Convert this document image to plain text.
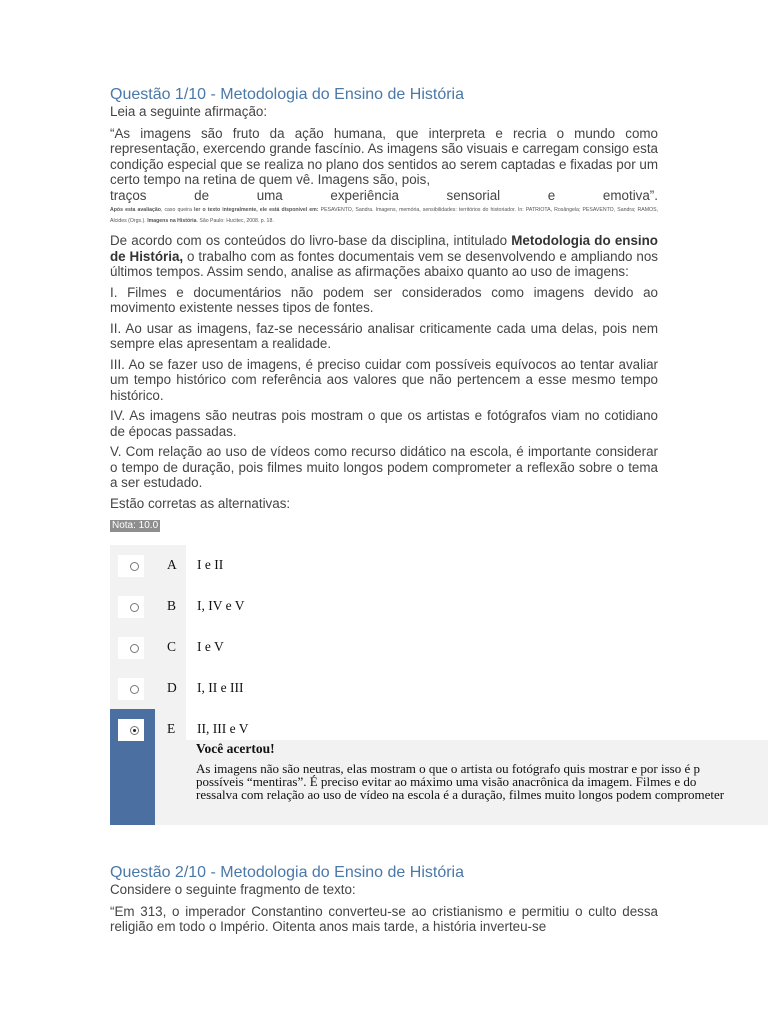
Questão 1/10 - Metodologia do Ensino de História

Leia a seguinte afirmação:

“As imagens são fruto da ação humana, que interpreta e recria o mundo como representação, exercendo grande fascínio. As imagens são visuais e carregam consigo esta condição especial que se realiza no plano dos sentidos ao serem captadas e fixadas por um certo tempo na retina de quem vê. Imagens são, pois,

traços de uma experiência sensorial e emotiva”.

Após esta avaliação, caso queira ler o texto integralmente, ele está disponível em: PESAVENTO, Sandra. Imagens, memória, sensibilidades: territórios do historiador. In: PATRIOTA, Rosângela; PESAVENTO, Sandra; RAMOS, Alcides (Orgs.). Imagens na História. São Paulo: Hucitec, 2008. p. 18.

De acordo com os conteúdos do livro-base da disciplina, intitulado Metodologia do ensino de História, o trabalho com as fontes documentais vem se desenvolvendo e ampliando nos últimos tempos. Assim sendo, analise as afirmações abaixo quanto ao uso de imagens:

I. Filmes e documentários não podem ser considerados como imagens devido ao movimento existente nesses tipos de fontes.

II. Ao usar as imagens, faz-se necessário analisar criticamente cada uma delas, pois nem sempre elas apresentam a realidade.

III. Ao se fazer uso de imagens, é preciso cuidar com possíveis equívocos ao tentar avaliar um tempo histórico com referência aos valores que não pertencem a esse mesmo tempo histórico.

IV. As imagens são neutras pois mostram o que os artistas e fotógrafos viam no cotidiano de épocas passadas.

V. Com relação ao uso de vídeos como recurso didático na escola, é importante considerar o tempo de duração, pois filmes muito longos podem comprometer a reflexão sobre o tema a ser estudado.

Estão corretas as alternativas:

Nota: 10.0
A I e II
B I, IV e V
C I e V
D I, II e III
E II, III e V
Você acertou!
As imagens não são neutras, elas mostram o que o artista ou fotógrafo quis mostrar e por isso é p
possíveis “mentiras”. É preciso evitar ao máximo uma visão anacrônica da imagem. Filmes e do
ressalva com relação ao uso de vídeo na escola é a duração, filmes muito longos podem comprometer
Questão 2/10 - Metodologia do Ensino de História

Considere o seguinte fragmento de texto:

“Em 313, o imperador Constantino converteu-se ao cristianismo e permitiu o culto dessa religião em todo o Império. Oitenta anos mais tarde, a história inverteu-se
